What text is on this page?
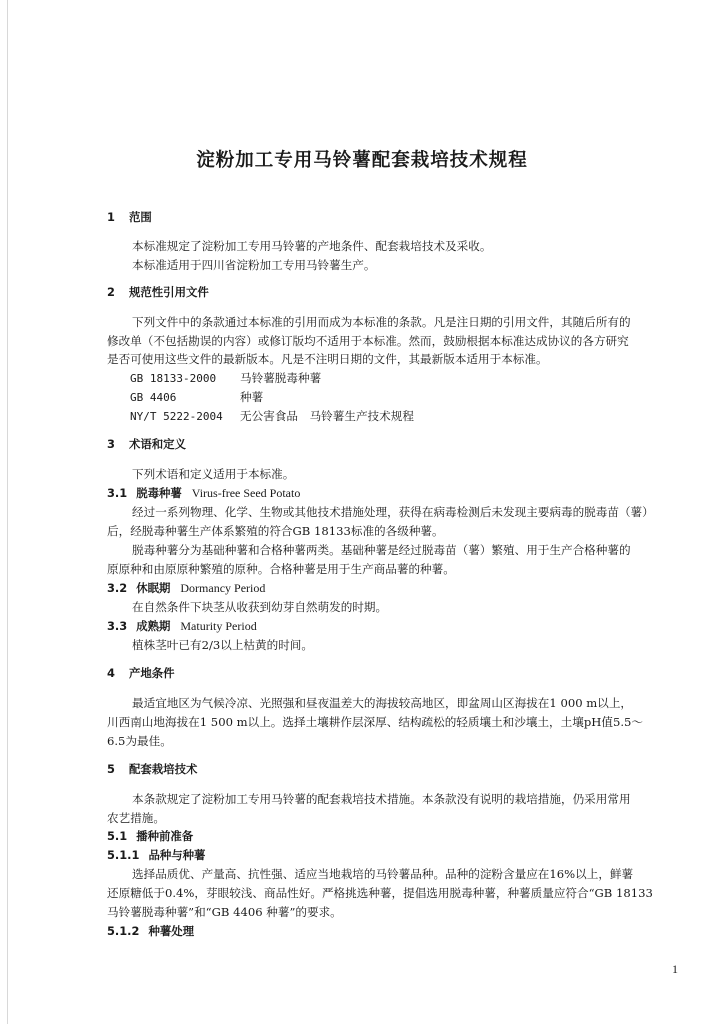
淀粉加工专用马铃薯配套栽培技术规程
1 范围
本标准规定了淀粉加工专用马铃薯的产地条件、配套栽培技术及采收。
本标准适用于四川省淀粉加工专用马铃薯生产。
2 规范性引用文件
下列文件中的条款通过本标准的引用而成为本标准的条款。凡是注日期的引用文件，其随后所有的
修改单（不包括勘误的内容）或修订版均不适用于本标准。然而，鼓励根据本标准达成协议的各方研究
是否可使用这些文件的最新版本。凡是不注明日期的文件，其最新版本适用于本标准。
GB 18133-2000 马铃薯脱毒种薯
GB 4406	种薯
NY/T 5222-2004 无公害食品　马铃薯生产技术规程
3 术语和定义
下列术语和定义适用于本标准。
3.1 脱毒种薯 Virus-free Seed Potato
经过一系列物理、化学、生物或其他技术措施处理，获得在病毒检测后未发现主要病毒的脱毒苗（薯）
后，经脱毒种薯生产体系繁殖的符合GB 18133标准的各级种薯。
脱毒种薯分为基础种薯和合格种薯两类。基础种薯是经过脱毒苗（薯）繁殖、用于生产合格种薯的
原原种和由原原种繁殖的原种。合格种薯是用于生产商品薯的种薯。
3.2 休眠期 Dormancy Period
在自然条件下块茎从收获到幼芽自然萌发的时期。
3.3 成熟期 Maturity Period
植株茎叶已有2/3以上枯黄的时间。
4 产地条件
最适宜地区为气候冷凉、光照强和昼夜温差大的海拔较高地区，即盆周山区海拔在1 000 m以上，
川西南山地海拔在1 500 m以上。选择土壤耕作层深厚、结构疏松的轻质壤土和沙壤土，土壤pH值5.5～
6.5为最佳。
5 配套栽培技术
本条款规定了淀粉加工专用马铃薯的配套栽培技术措施。本条款没有说明的栽培措施，仍采用常用
农艺措施。
5.1 播种前准备
5.1.1 品种与种薯
选择品质优、产量高、抗性强、适应当地栽培的马铃薯品种。品种的淀粉含量应在16%以上，鲜薯
还原糖低于0.4%，芽眼较浅、商品性好。严格挑选种薯，提倡选用脱毒种薯，种薯质量应符合“GB 18133
马铃薯脱毒种薯”和“GB 4406 种薯”的要求。
5.1.2 种薯处理
1
